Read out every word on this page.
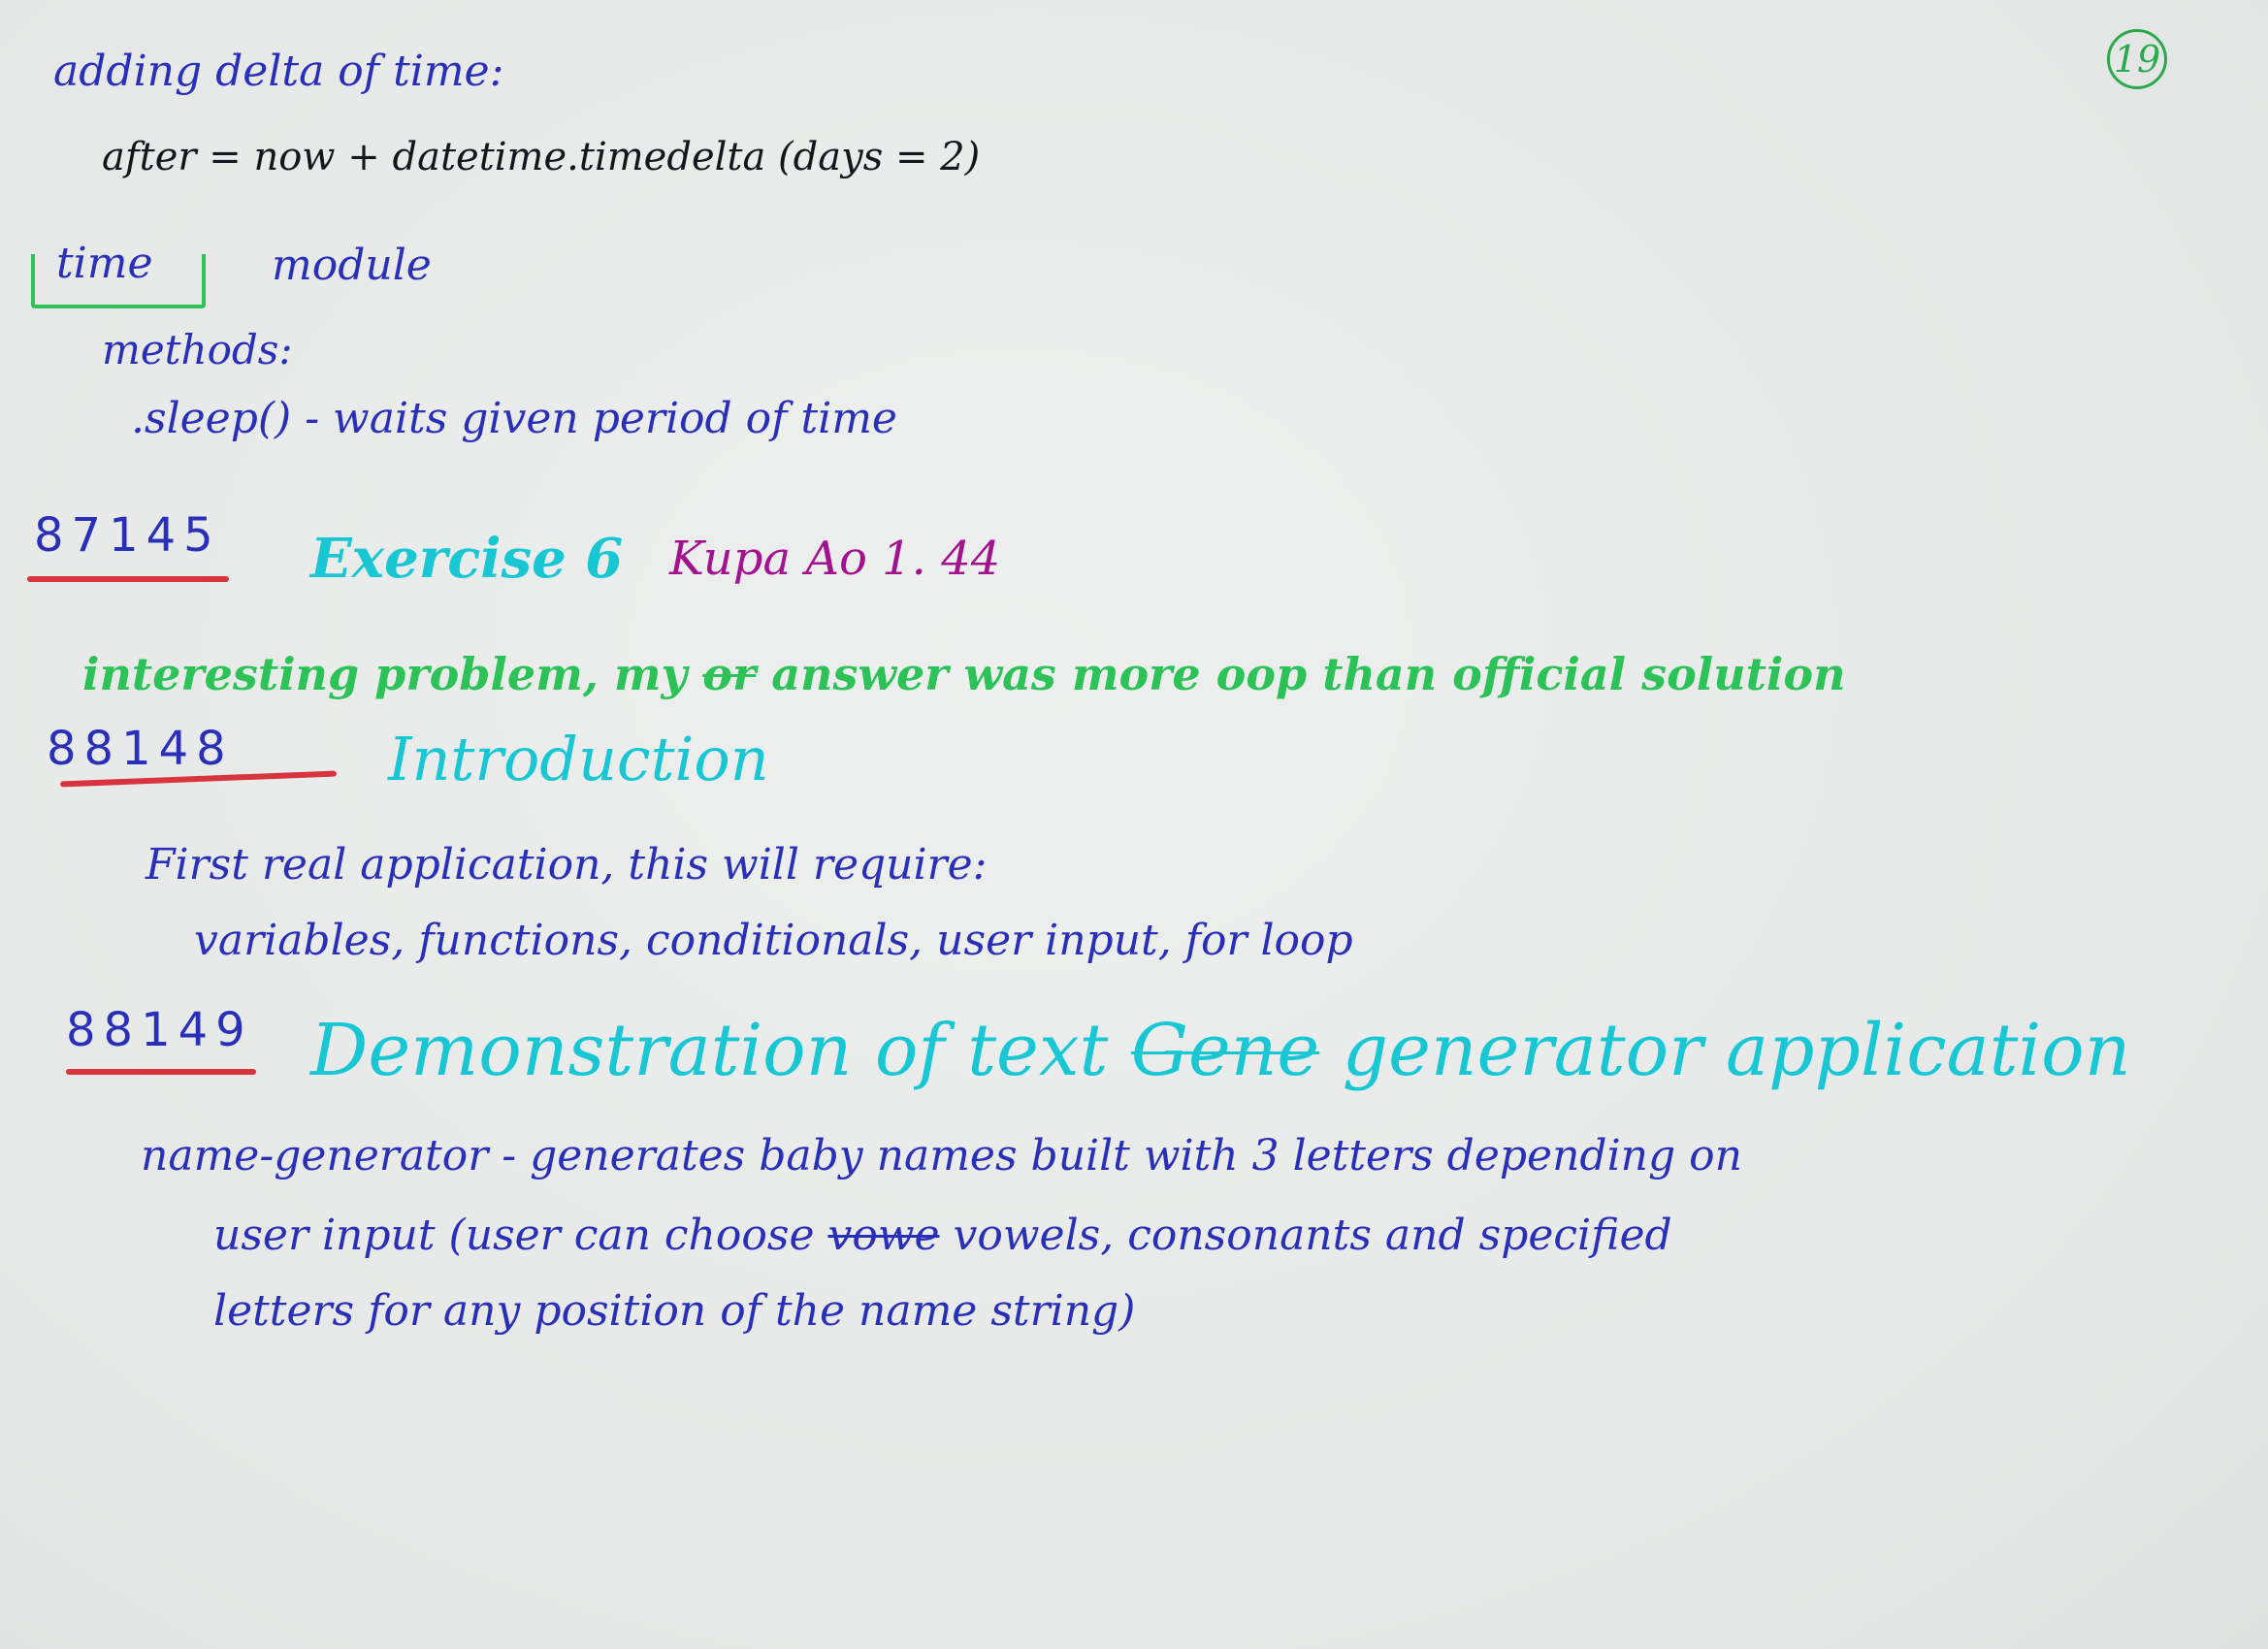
19
adding delta of time:
after = now + datetime.timedelta (days = 2)
time	module
methods:
.sleep() - waits given period of time
87145 Exercise 6 Kupa Ao 1. 44
interesting problem, my or answer was more oop than official solution
88148	Introduction
First real application, this will require:
variables, functions, conditionals, user input, for loop
88149 Demonstration of text Gene generator application
name-generator - generates baby names built with 3 letters depending on
user input (user can choose vowe vowels, consonants and specified
letters for any position of the name string)
